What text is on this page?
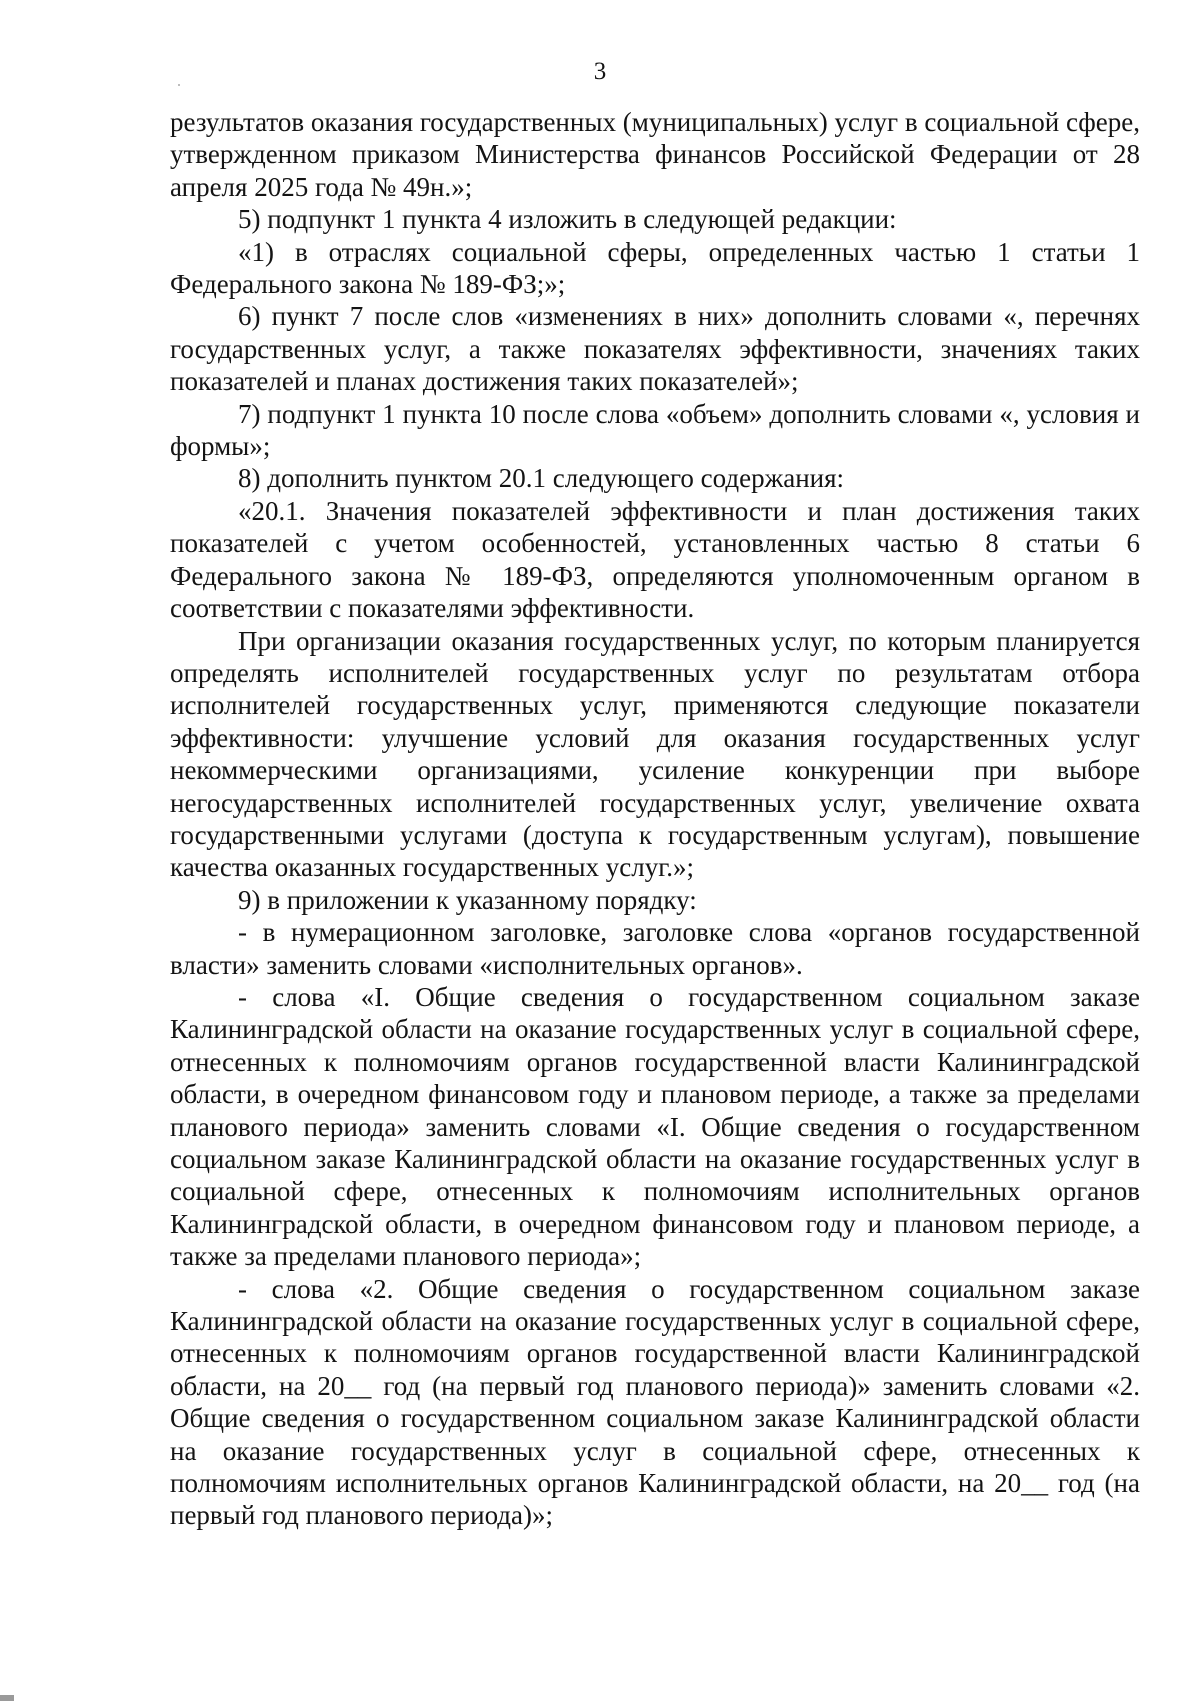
3

результатов оказания государственных (муниципальных) услуг в социальной сфере, утвержденном приказом Министерства финансов Российской Федерации от 28 апреля 2025 года № 49н.»;

5) подпункт 1 пункта 4 изложить в следующей редакции:

«1) в отраслях социальной сферы, определенных частью 1 статьи 1 Федерального закона № 189-ФЗ;»;

6) пункт 7 после слов «изменениях в них» дополнить словами «, перечнях государственных услуг, а также показателях эффективности, значениях таких показателей и планах достижения таких показателей»;

7) подпункт 1 пункта 10 после слова «объем» дополнить словами «, условия и формы»;

8) дополнить пунктом 20.1 следующего содержания:

«20.1. Значения показателей эффективности и план достижения таких показателей с учетом особенностей, установленных частью 8 статьи 6 Федерального закона № 189-ФЗ, определяются уполномоченным органом в соответствии с показателями эффективности.

При организации оказания государственных услуг, по которым планируется определять исполнителей государственных услуг по результатам отбора исполнителей государственных услуг, применяются следующие показатели эффективности: улучшение условий для оказания государственных услуг некоммерческими организациями, усиление конкуренции при выборе негосударственных исполнителей государственных услуг, увеличение охвата государственными услугами (доступа к государственным услугам), повышение качества оказанных государственных услуг.»;

9) в приложении к указанному порядку:

- в нумерационном заголовке, заголовке слова «органов государственной власти» заменить словами «исполнительных органов».

- слова «I. Общие сведения о государственном социальном заказе Калининградской области на оказание государственных услуг в социальной сфере, отнесенных к полномочиям органов государственной власти Калининградской области, в очередном финансовом году и плановом периоде, а также за пределами планового периода» заменить словами «I. Общие сведения о государственном социальном заказе Калининградской области на оказание государственных услуг в социальной сфере, отнесенных к полномочиям исполнительных органов Калининградской области, в очередном финансовом году и плановом периоде, а также за пределами планового периода»;

- слова «2. Общие сведения о государственном социальном заказе Калининградской области на оказание государственных услуг в социальной сфере, отнесенных к полномочиям органов государственной власти Калининградской области, на 20__ год (на первый год планового периода)» заменить словами «2. Общие сведения о государственном социальном заказе Калининградской области на оказание государственных услуг в социальной сфере, отнесенных к полномочиям исполнительных органов Калининградской области, на 20__ год (на первый год планового периода)»;
